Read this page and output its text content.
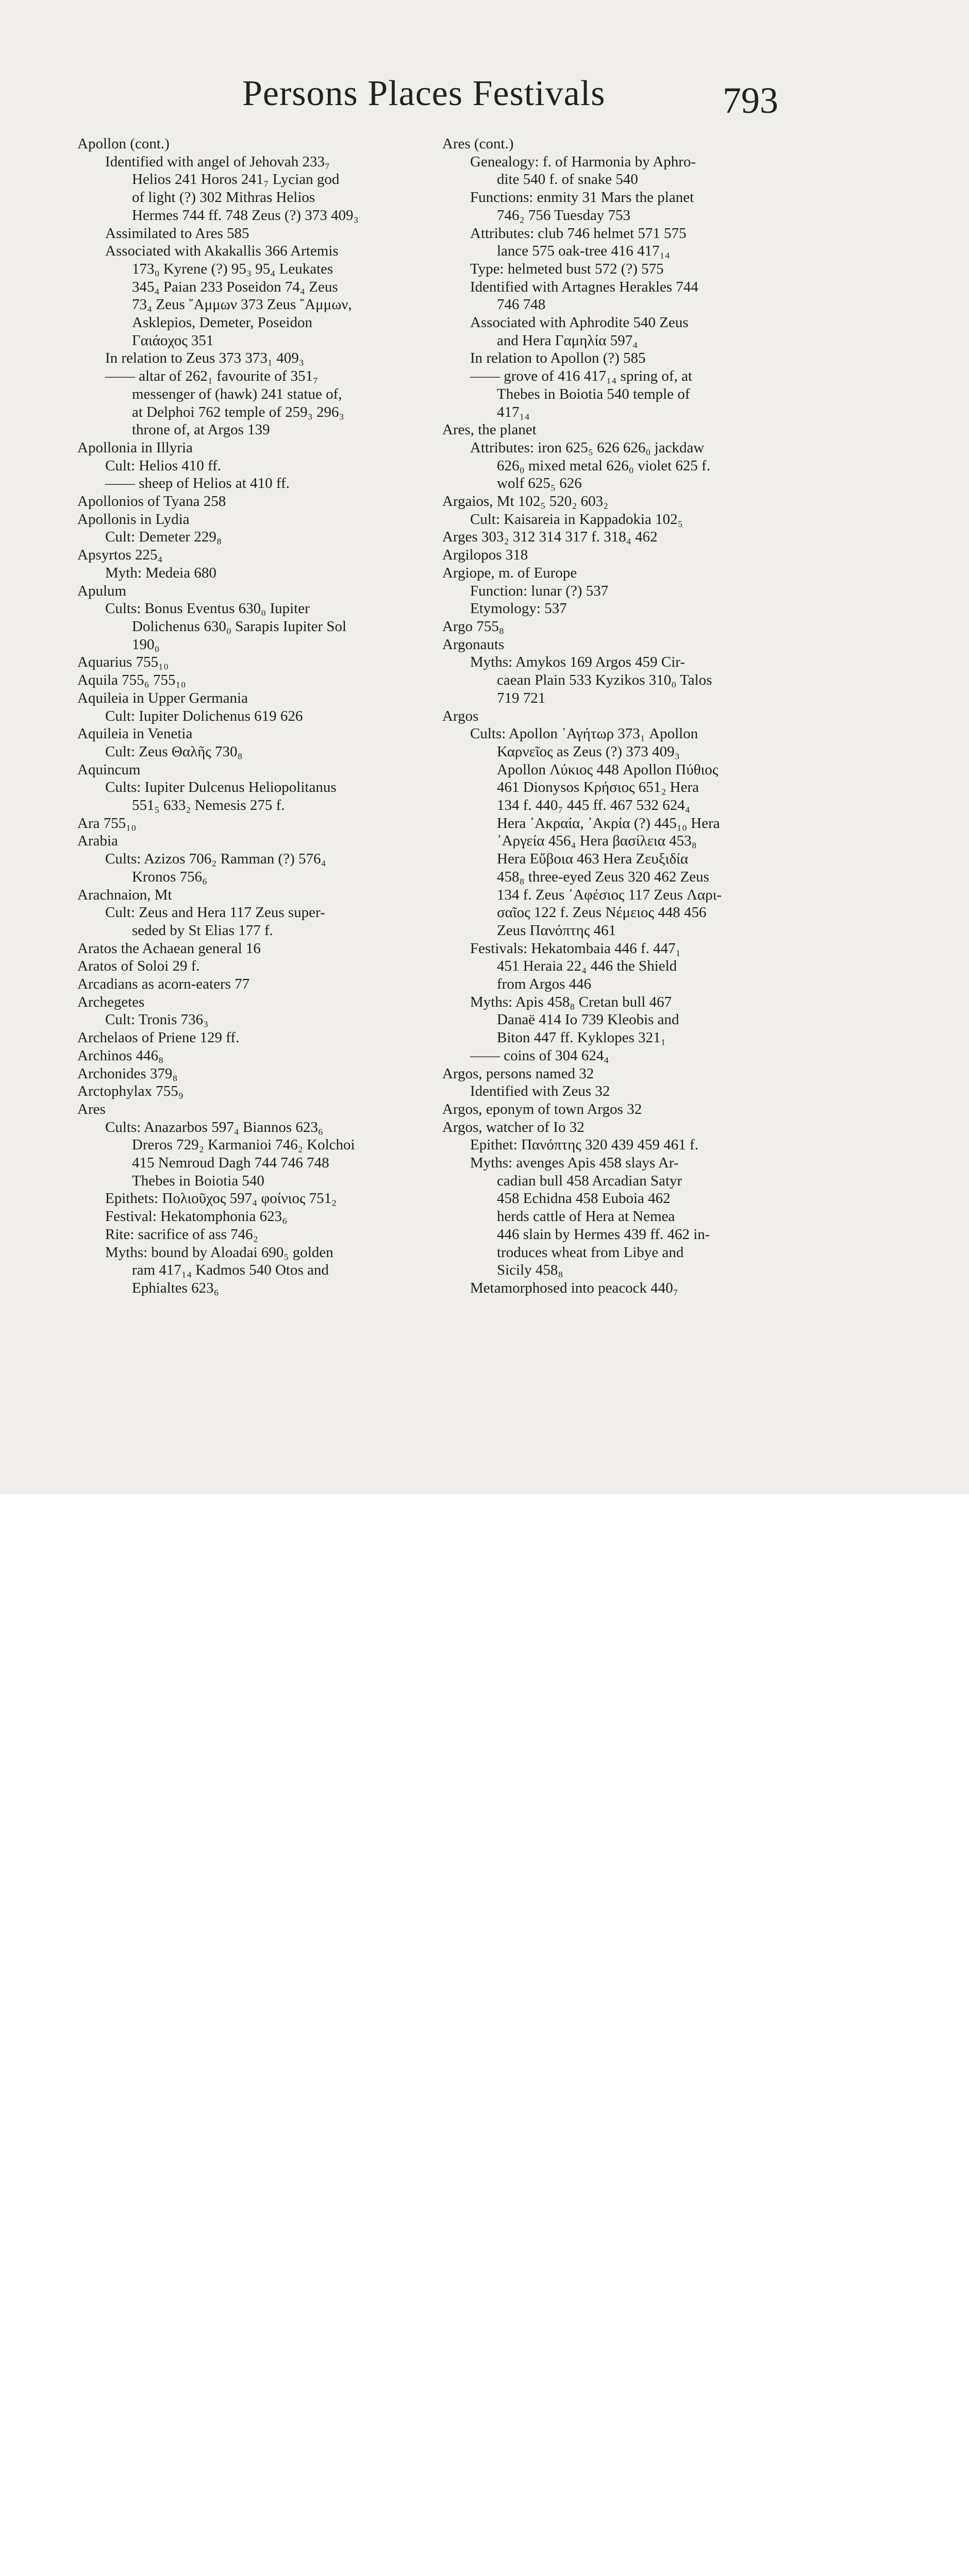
Persons Places Festivals	793

Apollon (cont.)

Identified with angel of Jehovah 233₇

Helios 241 Horos 241₇ Lycian god

of light (?) 302 Mithras Helios

Hermes 744 ff. 748 Zeus (?) 373 409₃

Assimilated to Ares 585

Associated with Akakallis 366 Artemis

173₀ Kyrene (?) 95₃ 95₄ Leukates

345₄ Paian 233 Poseidon 74₄ Zeus

73₄ Zeus ῎Αμμων 373 Zeus ῎Αμμων,

Asklepios, Demeter, Poseidon

Γαιάοχος 351

In relation to Zeus 373 373₁ 409₃

—— altar of 262₁ favourite of 351₇

messenger of (hawk) 241 statue of,

at Delphoi 762 temple of 259₃ 296₃

throne of, at Argos 139

Apollonia in Illyria

Cult: Helios 410 ff.

—— sheep of Helios at 410 ff.

Apollonios of Tyana 258

Apollonis in Lydia

Cult: Demeter 229₈

Apsyrtos 225₄

Myth: Medeia 680

Apulum

Cults: Bonus Eventus 630₀ Iupiter

Dolichenus 630₀ Sarapis Iupiter Sol

190₀

Aquarius 755₁₀

Aquila 755₆ 755₁₀

Aquileia in Upper Germania

Cult: Iupiter Dolichenus 619 626

Aquileia in Venetia

Cult: Zeus Θαλῆς 730₈

Aquincum

Cults: Iupiter Dulcenus Heliopolitanus

551₅ 633₂ Nemesis 275 f.

Ara 755₁₀

Arabia

Cults: Azizos 706₂ Ramman (?) 576₄

Kronos 756₆

Arachnaion, Mt

Cult: Zeus and Hera 117 Zeus super-

seded by St Elias 177 f.

Aratos the Achaean general 16

Aratos of Soloi 29 f.

Arcadians as acorn-eaters 77

Archegetes

Cult: Tronis 736₃

Archelaos of Priene 129 ff.

Archinos 446₈

Archonides 379₈

Arctophylax 755₉

Ares

Cults: Anazarbos 597₄ Biannos 623₆

Dreros 729₂ Karmanioi 746₂ Kolchoi

415 Nemroud Dagh 744 746 748

Thebes in Boiotia 540

Epithets: Πολιοῦχος 597₄ φοίνιος 751₂

Festival: Hekatomphonia 623₆

Rite: sacrifice of ass 746₂

Myths: bound by Aloadai 690₅ golden

ram 417₁₄ Kadmos 540 Otos and

Ephialtes 623₆

Ares (cont.)

Genealogy: f. of Harmonia by Aphro-

dite 540 f. of snake 540

Functions: enmity 31 Mars the planet

746₂ 756 Tuesday 753

Attributes: club 746 helmet 571 575

lance 575 oak-tree 416 417₁₄

Type: helmeted bust 572 (?) 575

Identified with Artagnes Herakles 744

746 748

Associated with Aphrodite 540 Zeus

and Hera Γαμηλία 597₄

In relation to Apollon (?) 585

—— grove of 416 417₁₄ spring of, at

Thebes in Boiotia 540 temple of

417₁₄

Ares, the planet

Attributes: iron 625₅ 626 626₀ jackdaw

626₀ mixed metal 626₀ violet 625 f.

wolf 625₅ 626

Argaios, Mt 102₅ 520₂ 603₂

Cult: Kaisareia in Kappadokia 102₅

Arges 303₂ 312 314 317 f. 318₄ 462

Argilopos 318

Argiope, m. of Europe

Function: lunar (?) 537

Etymology: 537

Argo 755₈

Argonauts

Myths: Amykos 169 Argos 459 Cir-

caean Plain 533 Kyzikos 310₀ Talos

719 721

Argos

Cults: Apollon ᾿Αγήτωρ 373₁ Apollon

Καρνεῖος as Zeus (?) 373 409₃

Apollon Λύκιος 448 Apollon Πύθιος

461 Dionysos Κρήσιος 651₂ Hera

134 f. 440₇ 445 ff. 467 532 624₄

Hera ᾿Ακραία, ᾿Ακρία (?) 445₁₀ Hera

᾿Αργεία 456₄ Hera βασίλεια 453₈

Hera Εὔβοια 463 Hera Ζευξιδία

458₈ three-eyed Zeus 320 462 Zeus

134 f. Zeus ᾿Αφέσιος 117 Zeus Λαρι-

σαῖος 122 f. Zeus Νέμειος 448 456

Zeus Πανόπτης 461

Festivals: Hekatombaia 446 f. 447₁

451 Heraia 22₄ 446 the Shield

from Argos 446

Myths: Apis 458₈ Cretan bull 467

Danaë 414 Io 739 Kleobis and

Biton 447 ff. Kyklopes 321₁

—— coins of 304 624₄

Argos, persons named 32

Identified with Zeus 32

Argos, eponym of town Argos 32

Argos, watcher of Io 32

Epithet: Πανόπτης 320 439 459 461 f.

Myths: avenges Apis 458 slays Ar-

cadian bull 458 Arcadian Satyr

458 Echidna 458 Euboia 462

herds cattle of Hera at Nemea

446 slain by Hermes 439 ff. 462 in-

troduces wheat from Libye and

Sicily 458₈

Metamorphosed into peacock 440₇
